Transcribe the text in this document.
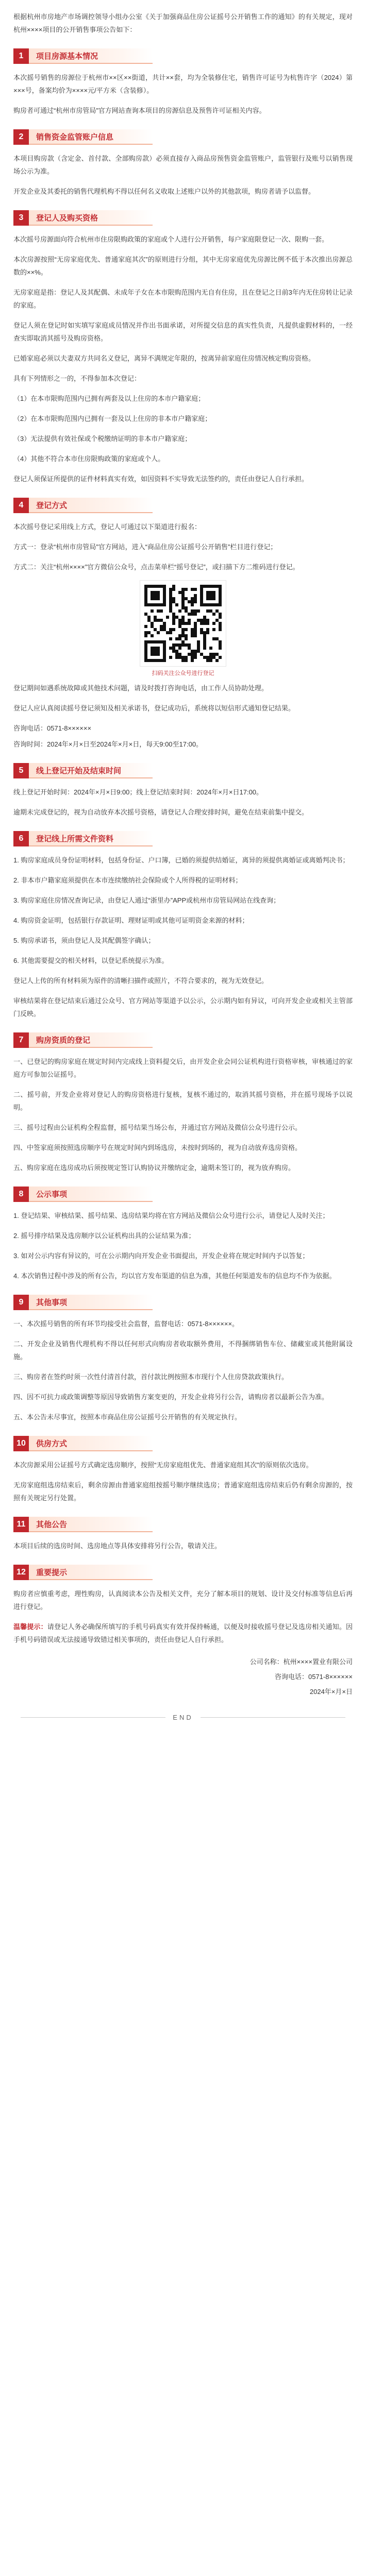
根据杭州市房地产市场调控领导小组办公室《关于加强商品住房公证摇号公开销售工作的通知》的有关规定，现对杭州××××项目的公开销售事项公告如下：

1	项目房源基本情况

本次摇号销售的房源位于杭州市××区××街道，共计××套，均为全装修住宅，销售许可证号为杭售许字（2024）第×××号，备案均价为××××元/平方米（含装修）。

购房者可通过“杭州市房管局”官方网站查询本项目的房源信息及预售许可证相关内容。

2	销售资金监管账户信息

本项目购房款（含定金、首付款、全部购房款）必须直接存入商品房预售资金监管账户，监管银行及账号以销售现场公示为准。

开发企业及其委托的销售代理机构不得以任何名义收取上述账户以外的其他款项，购房者请予以监督。

3	登记人及购买资格

本次摇号房源面向符合杭州市住房限购政策的家庭或个人进行公开销售，每户家庭限登记一次、限购一套。

本次房源按照“无房家庭优先、普通家庭其次”的原则进行分组，其中无房家庭优先房源比例不低于本次推出房源总数的××%。

无房家庭是指：登记人及其配偶、未成年子女在本市限购范围内无自有住房，且在登记之日前3年内无住房转让记录的家庭。

登记人须在登记时如实填写家庭成员情况并作出书面承诺，对所提交信息的真实性负责，凡提供虚假材料的，一经查实即取消其摇号及购房资格。

已婚家庭必须以夫妻双方共同名义登记，离异不满规定年限的，按离异前家庭住房情况核定购房资格。

具有下列情形之一的，不得参加本次登记：

（1）在本市限购范围内已拥有两套及以上住房的本市户籍家庭；

（2）在本市限购范围内已拥有一套及以上住房的非本市户籍家庭；

（3）无法提供有效社保或个税缴纳证明的非本市户籍家庭；

（4）其他不符合本市住房限购政策的家庭或个人。

登记人须保证所提供的证件材料真实有效，如因资料不实导致无法签约的，责任由登记人自行承担。

4	登记方式

本次摇号登记采用线上方式，登记人可通过以下渠道进行报名：

方式一：登录“杭州市房管局”官方网站，进入“商品住房公证摇号公开销售”栏目进行登记；

方式二：关注“杭州××××”官方微信公众号，点击菜单栏“摇号登记”，或扫描下方二维码进行登记。

扫码关注公众号进行登记

登记期间如遇系统故障或其他技术问题，请及时拨打咨询电话，由工作人员协助处理。

登记人应认真阅读摇号登记须知及相关承诺书，登记成功后，系统将以短信形式通知登记结果。

咨询电话：0571-8××××××

咨询时间：2024年×月×日至2024年×月×日，每天9:00至17:00。

5	线上登记开始及结束时间

线上登记开始时间：2024年×月×日9:00；线上登记结束时间：2024年×月×日17:00。

逾期未完成登记的，视为自动放弃本次摇号资格，请登记人合理安排时间，避免在结束前集中提交。

6	登记线上所需文件资料

1. 购房家庭成员身份证明材料，包括身份证、户口簿，已婚的须提供结婚证，离异的须提供离婚证或离婚判决书；

2. 非本市户籍家庭须提供在本市连续缴纳社会保险或个人所得税的证明材料；

3. 购房家庭住房情况查询记录，由登记人通过“浙里办”APP或杭州市房管局网站在线查询；

4. 购房资金证明，包括银行存款证明、理财证明或其他可证明资金来源的材料；

5. 购房承诺书，须由登记人及其配偶签字确认；

6. 其他需要提交的相关材料，以登记系统提示为准。

登记人上传的所有材料须为原件的清晰扫描件或照片，不符合要求的，视为无效登记。

审核结果将在登记结束后通过公众号、官方网站等渠道予以公示，公示期内如有异议，可向开发企业或相关主管部门反映。

7	购房资质的登记

一、已登记的购房家庭在规定时间内完成线上资料提交后，由开发企业会同公证机构进行资格审核，审核通过的家庭方可参加公证摇号。

二、摇号前，开发企业将对登记人的购房资格进行复核，复核不通过的，取消其摇号资格，并在摇号现场予以说明。

三、摇号过程由公证机构全程监督，摇号结果当场公布，并通过官方网站及微信公众号进行公示。

四、中签家庭须按照选房顺序号在规定时间内到场选房，未按时到场的，视为自动放弃选房资格。

五、购房家庭在选房成功后须按规定签订认购协议并缴纳定金，逾期未签订的，视为放弃购房。

8	公示事项

1. 登记结果、审核结果、摇号结果、选房结果均将在官方网站及微信公众号进行公示，请登记人及时关注；

2. 摇号排序结果及选房顺序以公证机构出具的公证结果为准；

3. 如对公示内容有异议的，可在公示期内向开发企业书面提出，开发企业将在规定时间内予以答复；

4. 本次销售过程中涉及的所有公告，均以官方发布渠道的信息为准，其他任何渠道发布的信息均不作为依据。

9	其他事项

一、本次摇号销售的所有环节均接受社会监督，监督电话：0571-8××××××。

二、开发企业及销售代理机构不得以任何形式向购房者收取额外费用，不得捆绑销售车位、储藏室或其他附属设施。

三、购房者在签约时须一次性付清首付款，首付款比例按照本市现行个人住房贷款政策执行。

四、因不可抗力或政策调整等原因导致销售方案变更的，开发企业将另行公告，请购房者以最新公告为准。

五、本公告未尽事宜，按照本市商品住房公证摇号公开销售的有关规定执行。

10	供房方式

本次房源采用公证摇号方式确定选房顺序，按照“无房家庭组优先、普通家庭组其次”的原则依次选房。

无房家庭组选房结束后，剩余房源由普通家庭组按摇号顺序继续选房；普通家庭组选房结束后仍有剩余房源的，按照有关规定另行处置。

11	其他公告

本项目后续的选房时间、选房地点等具体安排将另行公告，敬请关注。

12	重要提示

购房者应慎重考虑，理性购房，认真阅读本公告及相关文件，充分了解本项目的规划、设计及交付标准等信息后再进行登记。

温馨提示：请登记人务必确保所填写的手机号码真实有效并保持畅通，以便及时接收摇号登记及选房相关通知。因手机号码错误或无法接通导致错过相关事项的，责任由登记人自行承担。

公司名称：杭州××××置业有限公司

咨询电话：0571-8××××××

2024年×月×日

END
